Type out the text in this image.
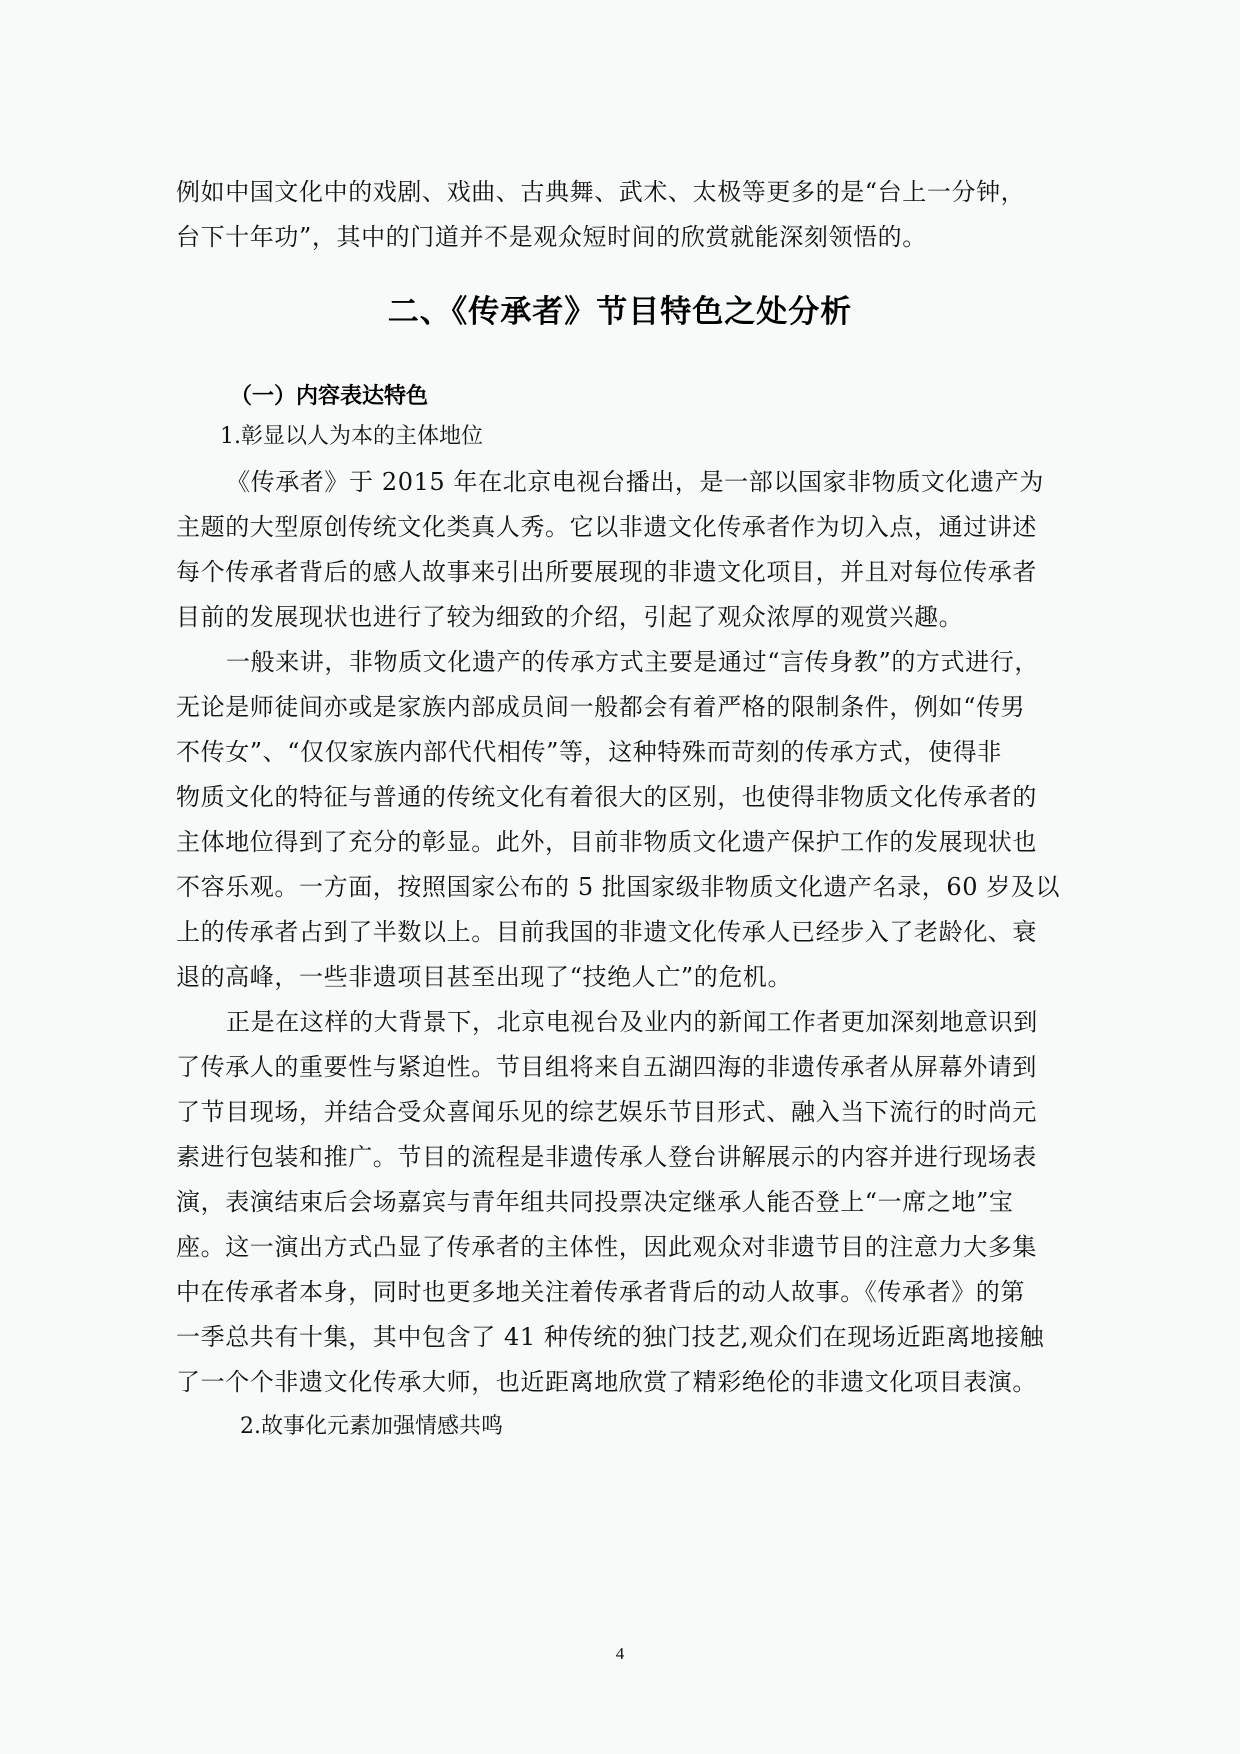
例如中国文化中的戏剧、戏曲、古典舞、武术、太极等更多的是“台上一分钟，
台下十年功”，其中的门道并不是观众短时间的欣赏就能深刻领悟的。
二、《传承者》节目特色之处分析
（一）内容表达特色
1.彰显以人为本的主体地位
《传承者》于 2015 年在北京电视台播出，是一部以国家非物质文化遗产为
主题的大型原创传统文化类真人秀。它以非遗文化传承者作为切入点，通过讲述
每个传承者背后的感人故事来引出所要展现的非遗文化项目，并且对每位传承者
目前的发展现状也进行了较为细致的介绍，引起了观众浓厚的观赏兴趣。
一般来讲，非物质文化遗产的传承方式主要是通过“言传身教”的方式进行，
无论是师徒间亦或是家族内部成员间一般都会有着严格的限制条件，例如“传男
不传女”、“仅仅家族内部代代相传”等，这种特殊而苛刻的传承方式，使得非
物质文化的特征与普通的传统文化有着很大的区别，也使得非物质文化传承者的
主体地位得到了充分的彰显。此外，目前非物质文化遗产保护工作的发展现状也
不容乐观。一方面，按照国家公布的 5 批国家级非物质文化遗产名录，60 岁及以
上的传承者占到了半数以上。目前我国的非遗文化传承人已经步入了老龄化、衰
退的高峰，一些非遗项目甚至出现了“技绝人亡”的危机。
正是在这样的大背景下，北京电视台及业内的新闻工作者更加深刻地意识到
了传承人的重要性与紧迫性。节目组将来自五湖四海的非遗传承者从屏幕外请到
了节目现场，并结合受众喜闻乐见的综艺娱乐节目形式、融入当下流行的时尚元
素进行包装和推广。节目的流程是非遗传承人登台讲解展示的内容并进行现场表
演，表演结束后会场嘉宾与青年组共同投票决定继承人能否登上“一席之地”宝
座。这一演出方式凸显了传承者的主体性，因此观众对非遗节目的注意力大多集
中在传承者本身，同时也更多地关注着传承者背后的动人故事。《传承者》的第
一季总共有十集，其中包含了 41 种传统的独门技艺,观众们在现场近距离地接触
了一个个非遗文化传承大师，也近距离地欣赏了精彩绝伦的非遗文化项目表演。
2.故事化元素加强情感共鸣
4
